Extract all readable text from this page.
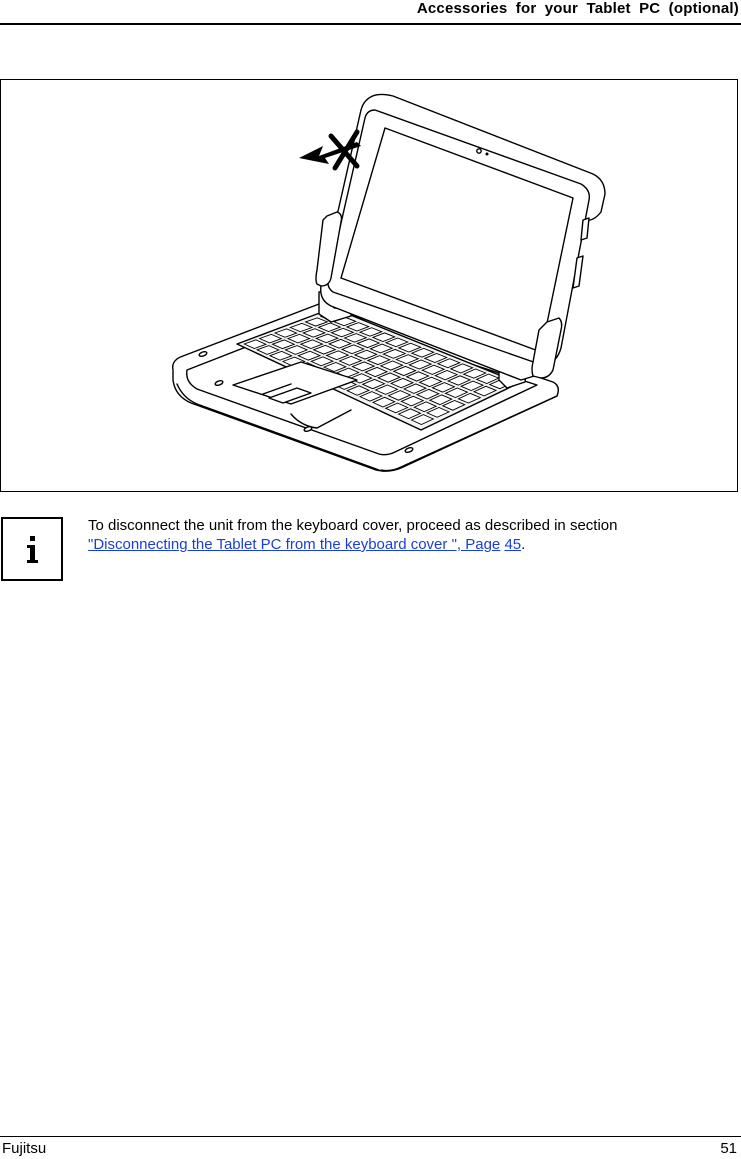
Accessories for your Tablet PC (optional)
To disconnect the unit from the keyboard cover, proceed as described in section "Disconnecting the Tablet PC from the keyboard cover ", Page 45.
Fujitsu	51
